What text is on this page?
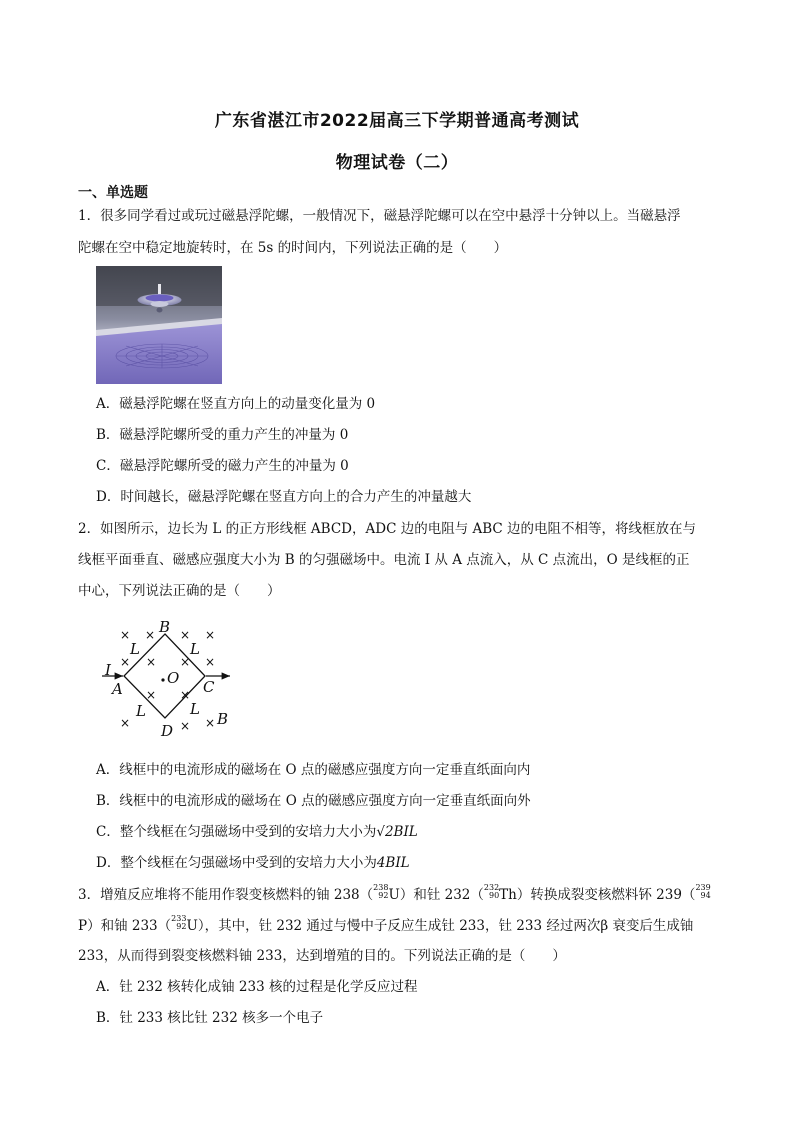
广东省湛江市2022届高三下学期普通高考测试
物理试卷（二）
一、单选题
1．很多同学看过或玩过磁悬浮陀螺，一般情况下，磁悬浮陀螺可以在空中悬浮十分钟以上。当磁悬浮
陀螺在空中稳定地旋转时，在 5s 的时间内，下列说法正确的是（　　）
A．磁悬浮陀螺在竖直方向上的动量变化量为 0
B．磁悬浮陀螺所受的重力产生的冲量为 0
C．磁悬浮陀螺所受的磁力产生的冲量为 0
D．时间越长，磁悬浮陀螺在竖直方向上的合力产生的冲量越大
2．如图所示，边长为 L 的正方形线框 ABCD，ADC 边的电阻与 ABC 边的电阻不相等，将线框放在与
线框平面垂直、磁感应强度大小为 B 的匀强磁场中。电流 I 从 A 点流入，从 C 点流出，O 是线框的正
中心，下列说法正确的是（　　）
B
A	C
D
O
I
L	L
L	L
B
× × × ×
× × ×
×
× ×
×	× ×
A．线框中的电流形成的磁场在 O 点的磁感应强度方向一定垂直纸面向内
B．线框中的电流形成的磁场在 O 点的磁感应强度方向一定垂直纸面向外
C．整个线框在匀强磁场中受到的安培力大小为√2BIL
D．整个线框在匀强磁场中受到的安培力大小为4BIL
3．增殖反应堆将不能用作裂变核燃料的铀 238（238
92U）和钍 232（232
90Th）转换成裂变核燃料钚 239（239
94
P）和铀 233（233
92U），其中，钍 232 通过与慢中子反应生成钍 233，钍 233 经过两次β 衰变后生成铀
233，从而得到裂变核燃料铀 233，达到增殖的目的。下列说法正确的是（　　）
A．钍 232 核转化成铀 233 核的过程是化学反应过程
B．钍 233 核比钍 232 核多一个电子
